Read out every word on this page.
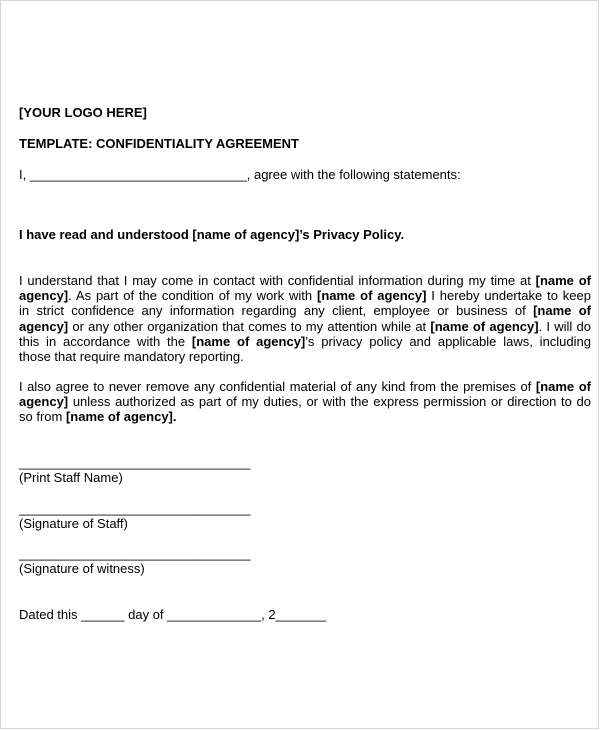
[YOUR LOGO HERE]
TEMPLATE: CONFIDENTIALITY AGREEMENT
I, ______________________________, agree with the following statements:
I have read and understood [name of agency]’s Privacy Policy.
I understand that I may come in contact with confidential information during my time at [name of
agency]. As part of the condition of my work with [name of agency] I hereby undertake to keep
in strict confidence any information regarding any client, employee or business of [name of
agency] or any other organization that comes to my attention while at [name of agency]. I will do
this in accordance with the [name of agency]’s privacy policy and applicable laws, including
those that require mandatory reporting.
I also agree to never remove any confidential material of any kind from the premises of [name of
agency] unless authorized as part of my duties, or with the express permission or direction to do
so from [name of agency].
________________________________
(Print Staff Name)
________________________________
(Signature of Staff)
________________________________
(Signature of witness)
Dated this ______ day of _____________, 2_______
